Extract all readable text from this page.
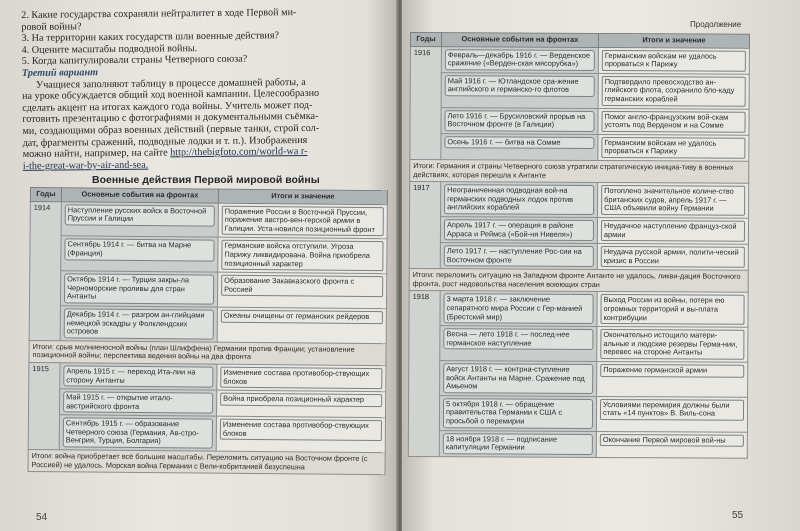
2. Какие государства сохраняли нейтралитет в ходе Первой ми-

ровой войны?

3. На территории каких государств шли военные действия?

4. Оцените масштабы подводной войны.

5. Когда капитулировали страны Четверного союза?

Третий вариант

Учащиеся заполняют таблицу в процессе домашней работы, а

на уроке обсуждается общий ход военной кампании. Целесообразно

сделать акцент на итогах каждого года войны. Учитель может под-

готовить презентацию с фотографиями и документальными съёмка-

ми, создающими образ военных действий (первые танки, строй сол-

дат, фрагменты сражений, подводные лодки и т. п.). Изображения

можно найти, например, на сайте http://thebigfoto.com/world-wa r-

i-the-great-war-by-air-and-sea.

Военные действия Первой мировой войны
Годы	Основные события на фронтах	Итоги и значение
1914	Наступление русских войск в Восточной Пруссии и Галиции	Поражение России в Восточной Пруссии, поражение австро-вен-герской армии в Галиции. Уста-новился позиционный фронт

	Сентябрь 1914 г. — битва на Марне (Франция)	Германские войска отступили. Угроза Парижу ликвидирована. Война приобрела позиционный характер

	Октябрь 1914 г. — Турция закры-ла Черноморские проливы для стран Антанты	Образование Закавказского фронта с Россией

	Декабрь 1914 г. — разгром ан-глийцами немецкой эскадры у Фолклендских островов	Океаны очищены от германских рейдеров

Итоги: срыв молниеносной войны (план Шлиффена) Германии против Франции; установление позиционной войны; перспектива ведения войны на два фронта		
1915	Апрель 1915 г. — переход Ита-лии на сторону Антанты	Изменение состава противобор-ствующих блоков

	Май 1915 г. — открытие итало-австрийского фронта	Война приобрела позиционный характер

	Сентябрь 1915 г. — образование Четверного союза (Германия, Ав-стро-Венгрия, Турция, Болгария)	Изменение состава противобор-ствующих блоков

Итоги: война приобретает всё большие масштабы. Переломить ситуацию на Восточном фронте (с Россией) не удалось. Морская война Германии с Вели-кобританией безуспешна		
54
Продолжение
Годы	Основные события на фронтах	Итоги и значение
1916	Февраль—декабрь 1916 г. — Верденское сражение («Верден-ская мясорубка»)	Германским войскам не удалось прорваться к Парижу

	Май 1916 г. — Ютландское сра-жение английского и германско-го флотов	Подтвердило превосходство ан-глийского флота, сохранило бло-каду германских кораблей

	Лето 1916 г. — Брусиловский прорыв на Восточном фронте (в Галиции)	Помог англо-французским вой-скам устоять под Верденом и на Сомме

	Осень 1916 г. — битва на Сомме	Германским войскам не удалось прорваться к Парижу

Итоги: Германия и страны Четверного союза утратили стратегическую инициа-тиву в военных действиях, которая перешла к Антанте		
1917	Неограниченная подводная вой-на германских подводных лодок против английских кораблей	Потоплено значительное количе-ство британских судов, апрель 1917 г. — США объявили войну Германии

	Апрель 1917 г. — операция в районе Арраса и Реймса («Бой-ня Нивеля»)	Неудачное наступление француз-ской армии

	Лето 1917 г. — наступление Рос-сии на Восточном фронте	Неудача русской армии, полити-ческий кризис в России

Итоги: переломить ситуацию на Западном фронте Антанте не удалось, ликви-дация Восточного фронта, рост недовольства населения воюющих стран		
1918	3 марта 1918 г. — заключение сепаратного мира России с Гер-манией (Брестский мир)	Выход России из войны, потеря ею огромных территорий и вы-плата контрибуции

	Весна — лето 1918 г. — послед-нее германское наступление	Окончательно истощило матери-альные и людские резервы Герма-нии, перевес на стороне Антанты

	Август 1918 г. — контрна-ступление войск Антанты на Марне. Сражение под Амьеном	Поражение германской армии

	5 октября 1918 г. — обращение правительства Германии к США с просьбой о перемирии	Условиями перемирия должны были стать «14 пунктов» В. Виль-сона

	18 ноября 1918 г. — подписание капитуляции Германии	Окончание Первой мировой вой-ны
55
